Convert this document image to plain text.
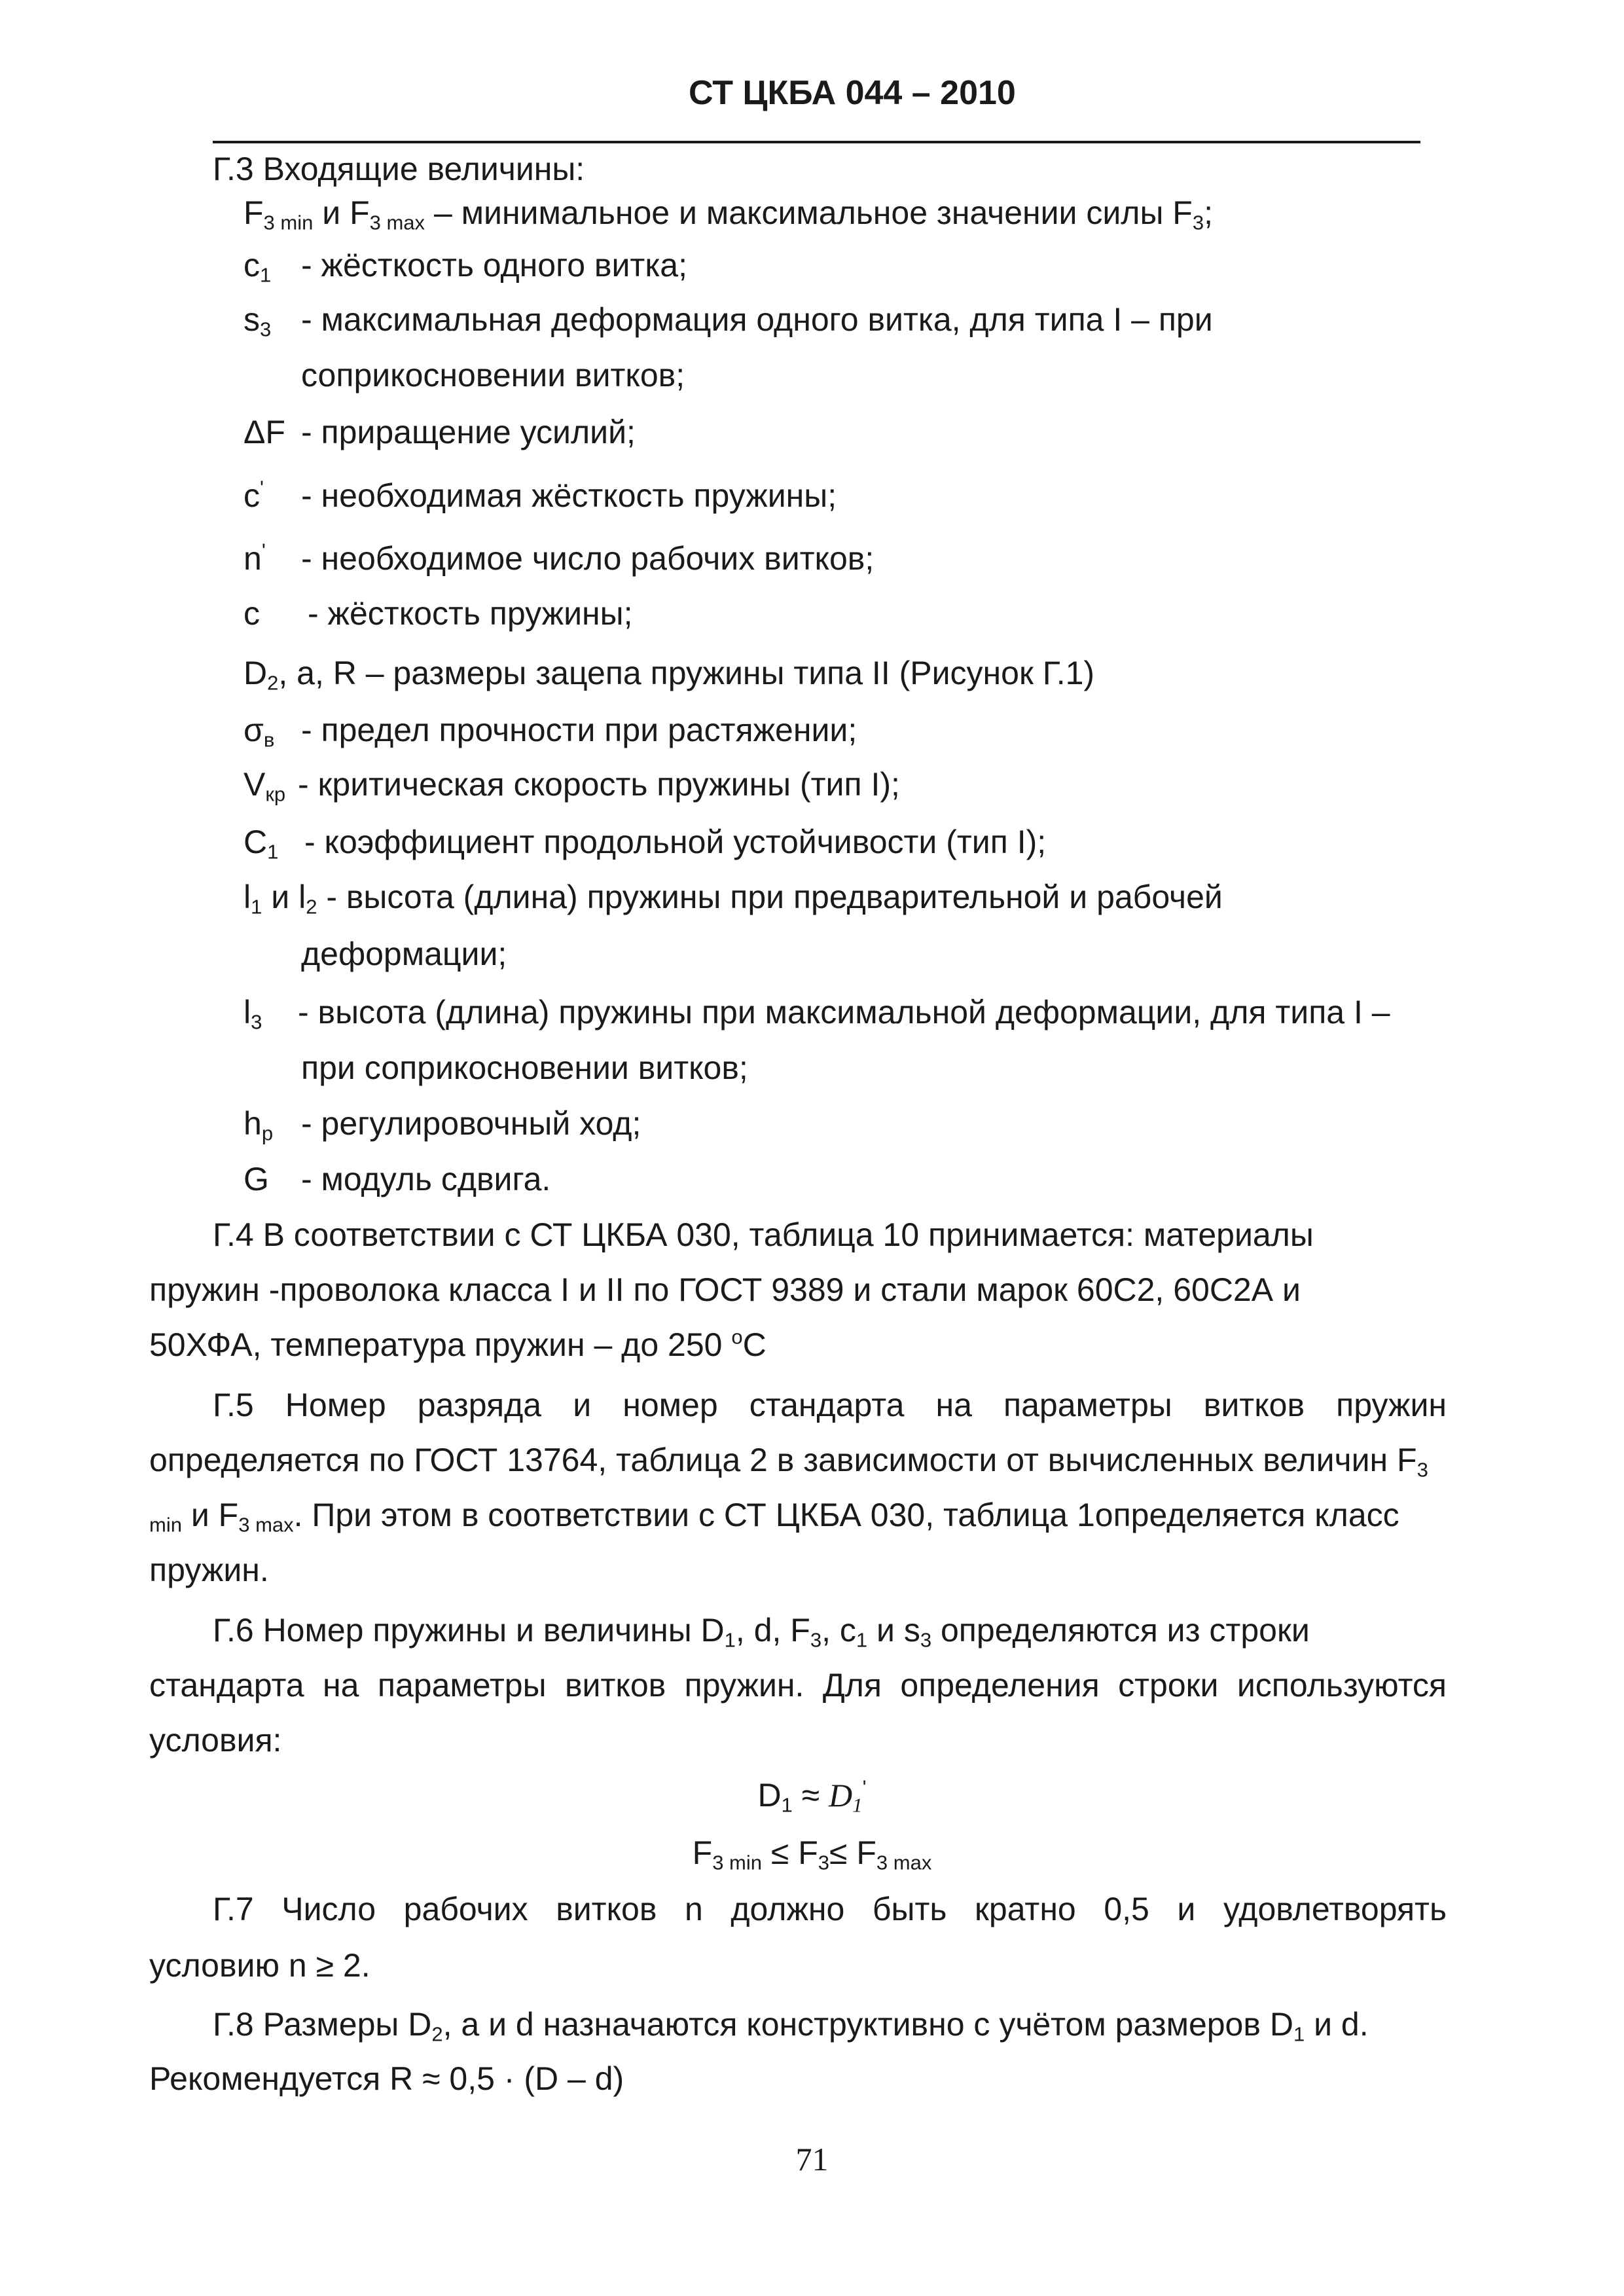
СТ ЦКБА 044 – 2010
Г.3 Входящие величины:
$F_{3 min}$ и $F_{3 max}$ – минимальное и максимальное значении силы $F_3$;
$c_1$ - жёсткость одного витка;
$s_3$ - максимальная деформация одного витка, для типа I – при
соприкосновении витков;
ΔF - приращение усилий;
c' - необходимая жёсткость пружины;
n' - необходимое число рабочих витков;
c - жёсткость пружины;
$D_2$, a, R – размеры зацепа пружины типа II (Рисунок Г.1)
$\sigma_в$ - предел прочности при растяжении;
$V_{кр}$ - критическая скорость пружины (тип I);
$C_1$ - коэффициент продольной устойчивости (тип I);
$l_1$ и $l_2$ - высота (длина) пружины при предварительной и рабочей
деформации;
$l_3$ - высота (длина) пружины при максимальной деформации, для типа I –
при соприкосновении витков;
$h_р$ - регулировочный ход;
G - модуль сдвига.
Г.4 В соответствии с СТ ЦКБА 030, таблица 10 принимается: материалы
пружин -проволока класса I и II по ГОСТ 9389 и стали марок 60С2, 60С2А и
50ХФА, температура пружин – до 250 $^о$С
Г.5 Номер разряда и номер стандарта на параметры витков пружин
определяется по ГОСТ 13764, таблица 2 в зависимости от вычисленных величин $F_3$
$_{min}$ и $F_{3 max}$. При этом в соответствии с СТ ЦКБА 030, таблица 1определяется класс
пружин.
Г.6 Номер пружины и величины $D_1$, d, $F_3$, $c_1$ и $s_3$ определяются из строки
стандарта на параметры витков пружин. Для определения строки используются
условия:
$D_1 \approx D_1'$
$F_{3 min} \le F_3\le F_{3 max}$
Г.7 Число рабочих витков n должно быть кратно 0,5 и удовлетворять
условию n ≥ 2.
Г.8 Размеры $D_2$, a и d назначаются конструктивно с учётом размеров $D_1$ и d.
Рекомендуется R ≈ 0,5 · (D – d)
71
